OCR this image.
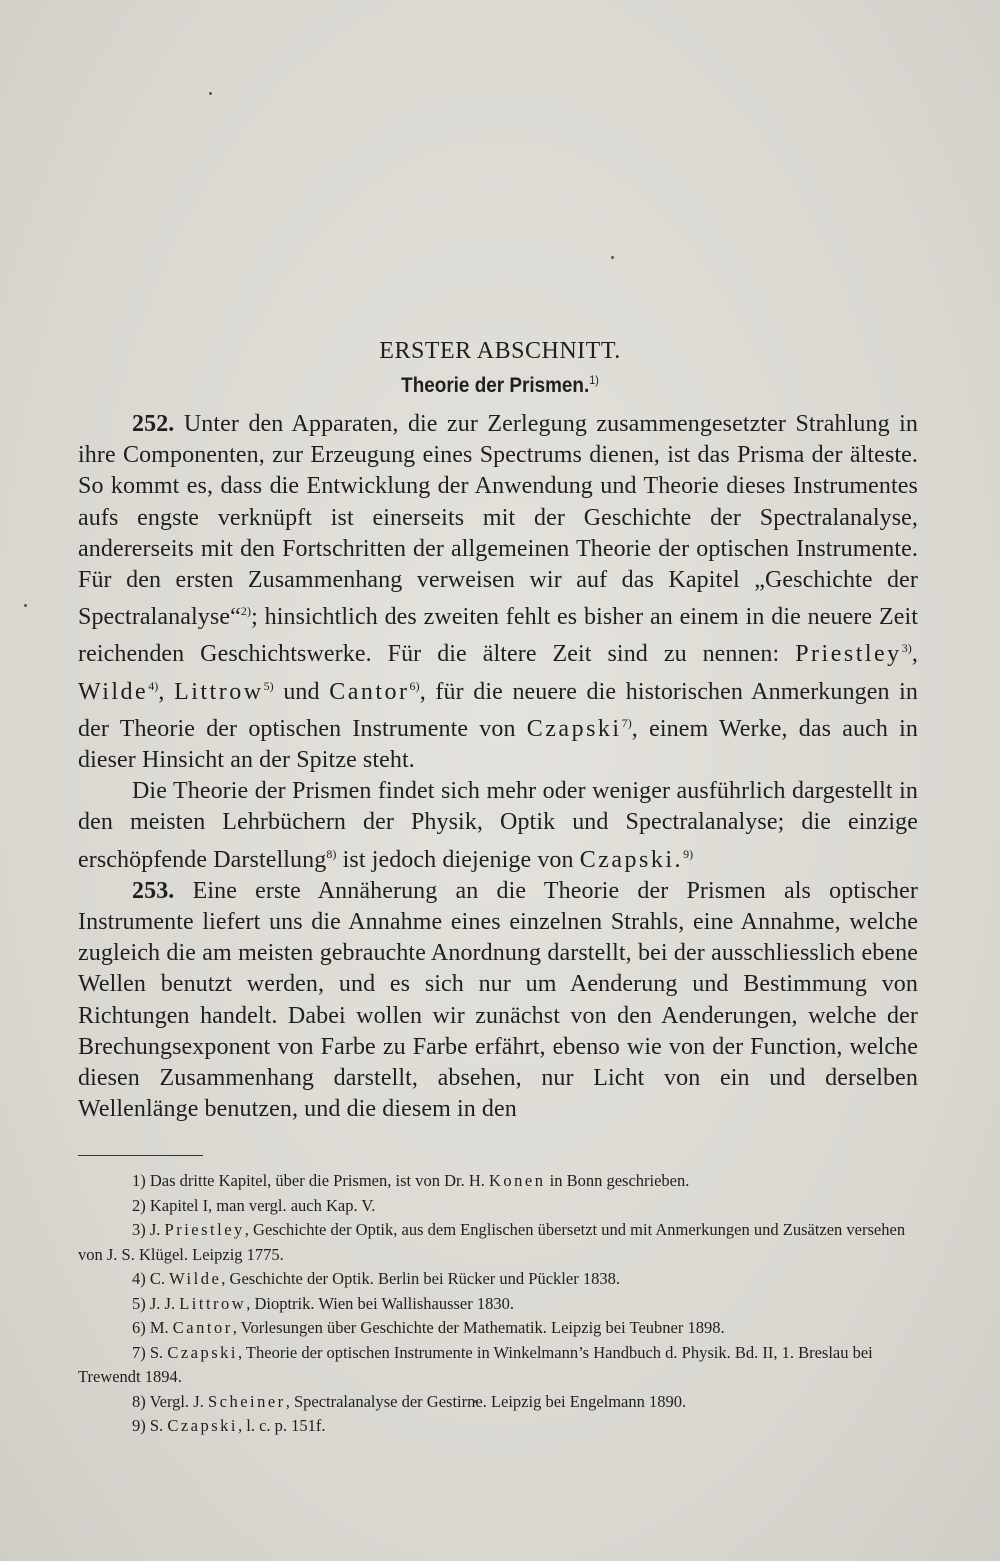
ERSTER ABSCHNITT.
Theorie der Prismen.$^{1)}$

252. Unter den Apparaten, die zur Zerlegung zusammengesetzter Strahlung in ihre Componenten, zur Erzeugung eines Spectrums dienen, ist das Prisma der älteste. So kommt es, dass die Entwicklung der Anwendung und Theorie dieses Instrumentes aufs engste verknüpft ist einerseits mit der Geschichte der Spectralanalyse, andererseits mit den Fortschritten der allgemeinen Theorie der optischen Instrumente. Für den ersten Zusammenhang verweisen wir auf das Kapitel „Geschichte der Spectralanalyse“$^{2)}$; hinsichtlich des zweiten fehlt es bisher an einem in die neuere Zeit reichenden Geschichtswerke. Für die ältere Zeit sind zu nennen: Priestley$^{3)}$, Wilde$^{4)}$, Littrow$^{5)}$ und Cantor$^{6)}$, für die neuere die historischen Anmerkungen in der Theorie der optischen Instrumente von Czapski$^{7)}$, einem Werke, das auch in dieser Hinsicht an der Spitze steht.

Die Theorie der Prismen findet sich mehr oder weniger ausführlich dargestellt in den meisten Lehrbüchern der Physik, Optik und Spectralanalyse; die einzige erschöpfende Darstellung$^{8)}$ ist jedoch diejenige von Czapski.$^{9)}$

253. Eine erste Annäherung an die Theorie der Prismen als optischer Instrumente liefert uns die Annahme eines einzelnen Strahls, eine Annahme, welche zugleich die am meisten gebrauchte Anordnung darstellt, bei der ausschliesslich ebene Wellen benutzt werden, und es sich nur um Aenderung und Bestimmung von Richtungen handelt. Dabei wollen wir zunächst von den Aenderungen, welche der Brechungsexponent von Farbe zu Farbe erfährt, ebenso wie von der Function, welche diesen Zusammenhang darstellt, absehen, nur Licht von ein und derselben Wellenlänge benutzen, und die diesem in den

1) Das dritte Kapitel, über die Prismen, ist von Dr. H. Konen in Bonn geschrieben.

2) Kapitel I, man vergl. auch Kap. V.

3) J. Priestley, Geschichte der Optik, aus dem Englischen übersetzt und mit Anmerkungen und Zusätzen versehen von J. S. Klügel. Leipzig 1775.

4) C. Wilde, Geschichte der Optik. Berlin bei Rücker und Pückler 1838.

5) J. J. Littrow, Dioptrik. Wien bei Wallishausser 1830.

6) M. Cantor, Vorlesungen über Geschichte der Mathematik. Leipzig bei Teubner 1898.

7) S. Czapski, Theorie der optischen Instrumente in Winkelmann’s Handbuch d. Physik. Bd. II, 1. Breslau bei Trewendt 1894.

8) Vergl. J. Scheiner, Spectralanalyse der Gestirne. Leipzig bei Engelmann 1890.

9) S. Czapski, l. c. p. 151f.
